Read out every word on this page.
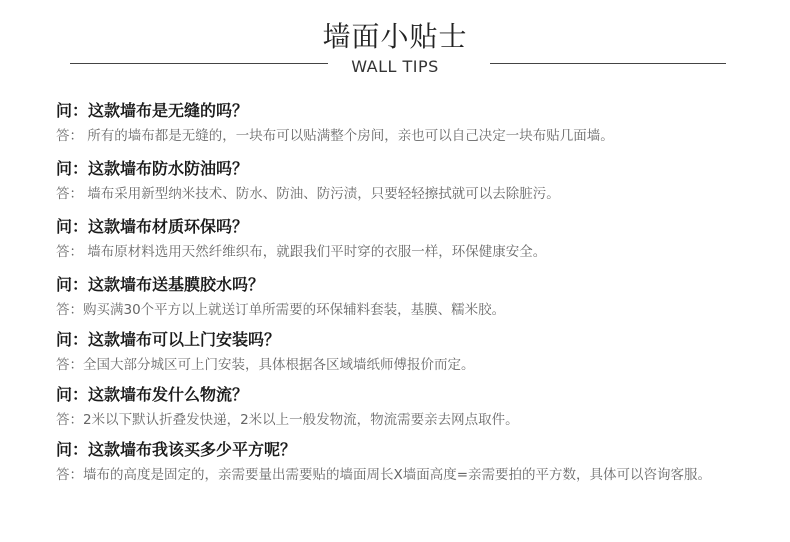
墙面小贴士
WALL TIPS
问：这款墙布是无缝的吗？
答： 所有的墙布都是无缝的，一块布可以贴满整个房间，亲也可以自己决定一块布贴几面墙。
问：这款墙布防水防油吗？
答： 墙布采用新型纳米技术、防水、防油、防污渍，只要轻轻擦拭就可以去除脏污。
问：这款墙布材质环保吗？
答： 墙布原材料选用天然纤维织布，就跟我们平时穿的衣服一样，环保健康安全。
问：这款墙布送基膜胶水吗？
答：购买满30个平方以上就送订单所需要的环保辅料套装，基膜、糯米胶。
问：这款墙布可以上门安装吗？
答：全国大部分城区可上门安装，具体根据各区域墙纸师傅报价而定。
问：这款墙布发什么物流？
答：2米以下默认折叠发快递，2米以上一般发物流，物流需要亲去网点取件。
问：这款墙布我该买多少平方呢？
答：墙布的高度是固定的，亲需要量出需要贴的墙面周长X墙面高度=亲需要拍的平方数，具体可以咨询客服。
